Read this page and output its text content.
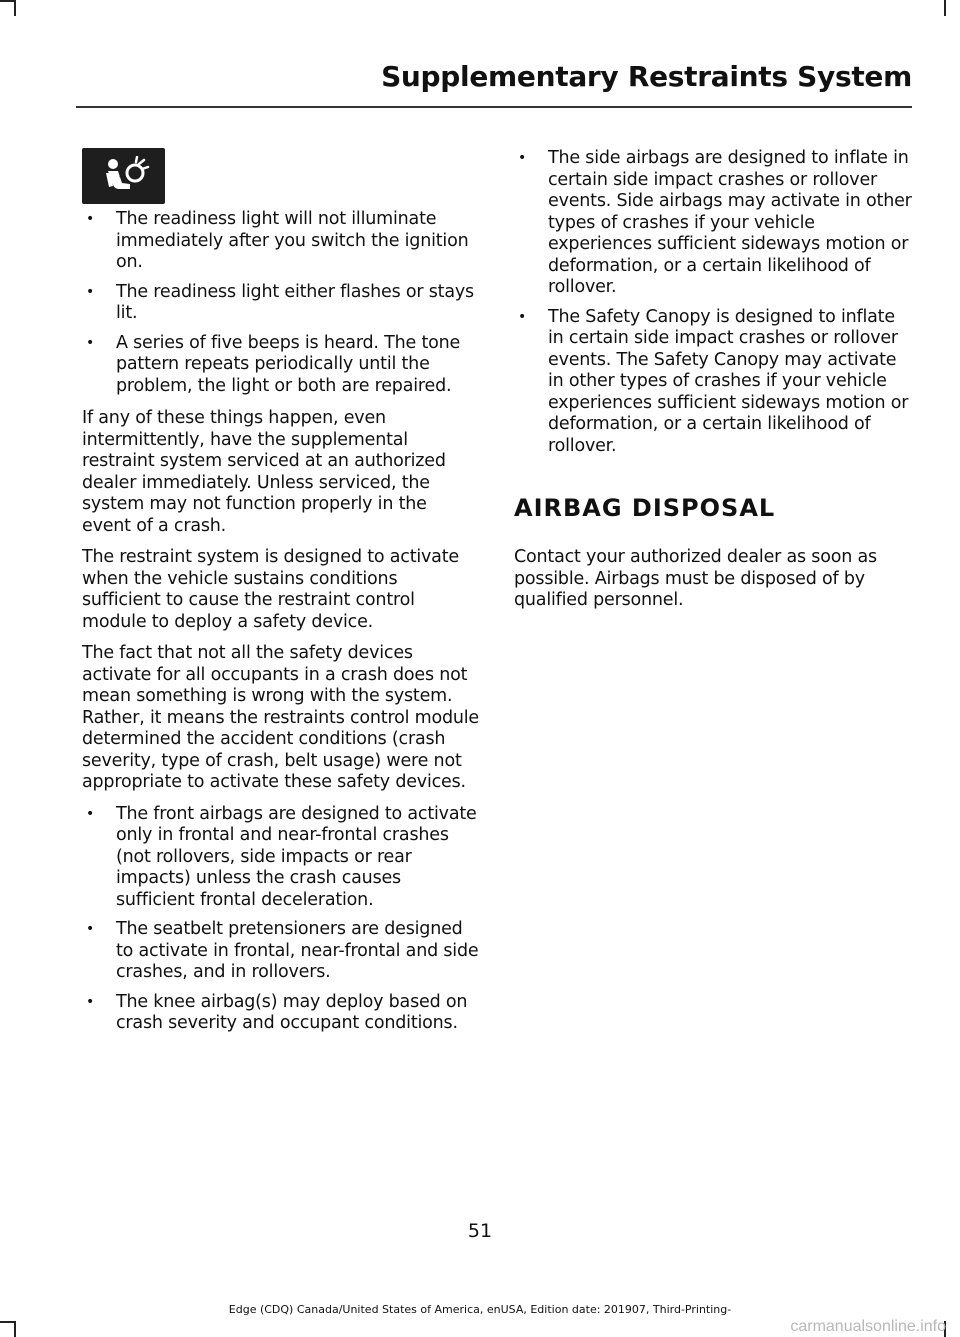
Supplementary Restraints System
• The readiness light will not illuminate immediately after you switch the ignition on.
• The readiness light either flashes or stays lit.
• A series of five beeps is heard. The tone pattern repeats periodically until the problem, the light or both are repaired.

If any of these things happen, even intermittently, have the supplemental restraint system serviced at an authorized dealer immediately. Unless serviced, the system may not function properly in the event of a crash.

The restraint system is designed to activate when the vehicle sustains conditions sufficient to cause the restraint control module to deploy a safety device.

The fact that not all the safety devices activate for all occupants in a crash does not mean something is wrong with the system. Rather, it means the restraints control module determined the accident conditions (crash severity, type of crash, belt usage) were not appropriate to activate these safety devices.

• The front airbags are designed to activate only in frontal and near-frontal crashes (not rollovers, side impacts or rear impacts) unless the crash causes sufficient frontal deceleration.
• The seatbelt pretensioners are designed to activate in frontal, near-frontal and side crashes, and in rollovers.
• The knee airbag(s) may deploy based on crash severity and occupant conditions.
• The side airbags are designed to inflate in certain side impact crashes or rollover events. Side airbags may activate in other types of crashes if your vehicle experiences sufficient sideways motion or deformation, or a certain likelihood of rollover.
• The Safety Canopy is designed to inflate in certain side impact crashes or rollover events. The Safety Canopy may activate in other types of crashes if your vehicle experiences sufficient sideways motion or deformation, or a certain likelihood of rollover.
AIRBAG DISPOSAL

Contact your authorized dealer as soon as possible. Airbags must be disposed of by qualified personnel.

51
Edge (CDQ) Canada/United States of America, enUSA, Edition date: 201907, Third-Printing-
carmanualsonline.info
